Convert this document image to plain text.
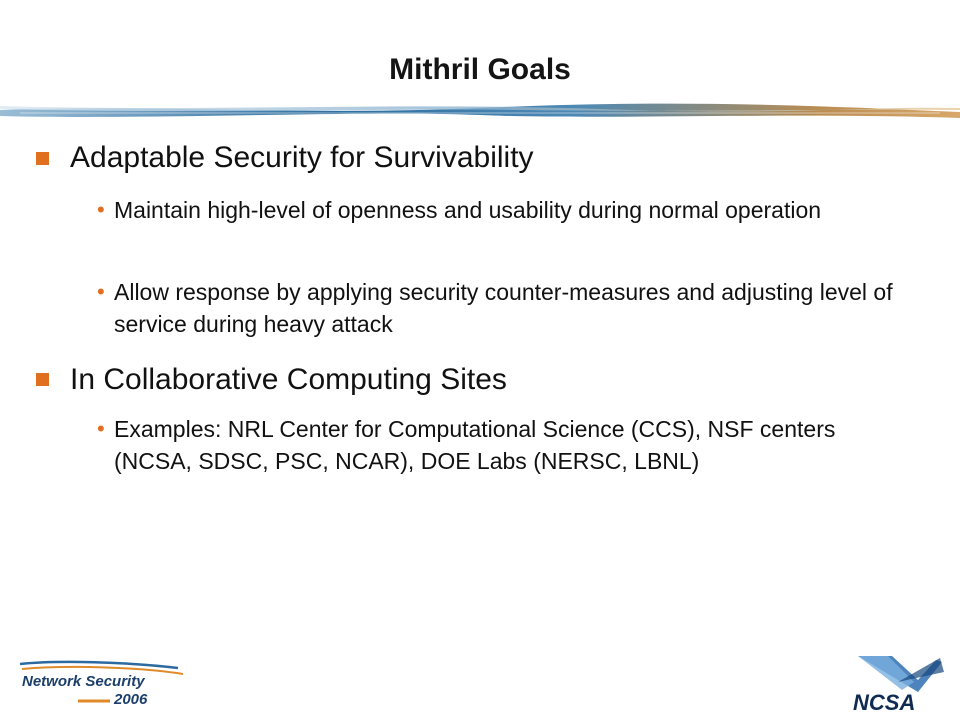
Mithril Goals
Adaptable Security for Survivability
• Maintain high-level of openness and usability during normal operation
• Allow response by applying security counter-measures and adjusting level of service during heavy attack
In Collaborative Computing Sites
• Examples: NRL Center for Computational Science (CCS), NSF centers (NCSA, SDSC, PSC, NCAR), DOE Labs (NERSC, LBNL)
Network Security
2006	NCSA
